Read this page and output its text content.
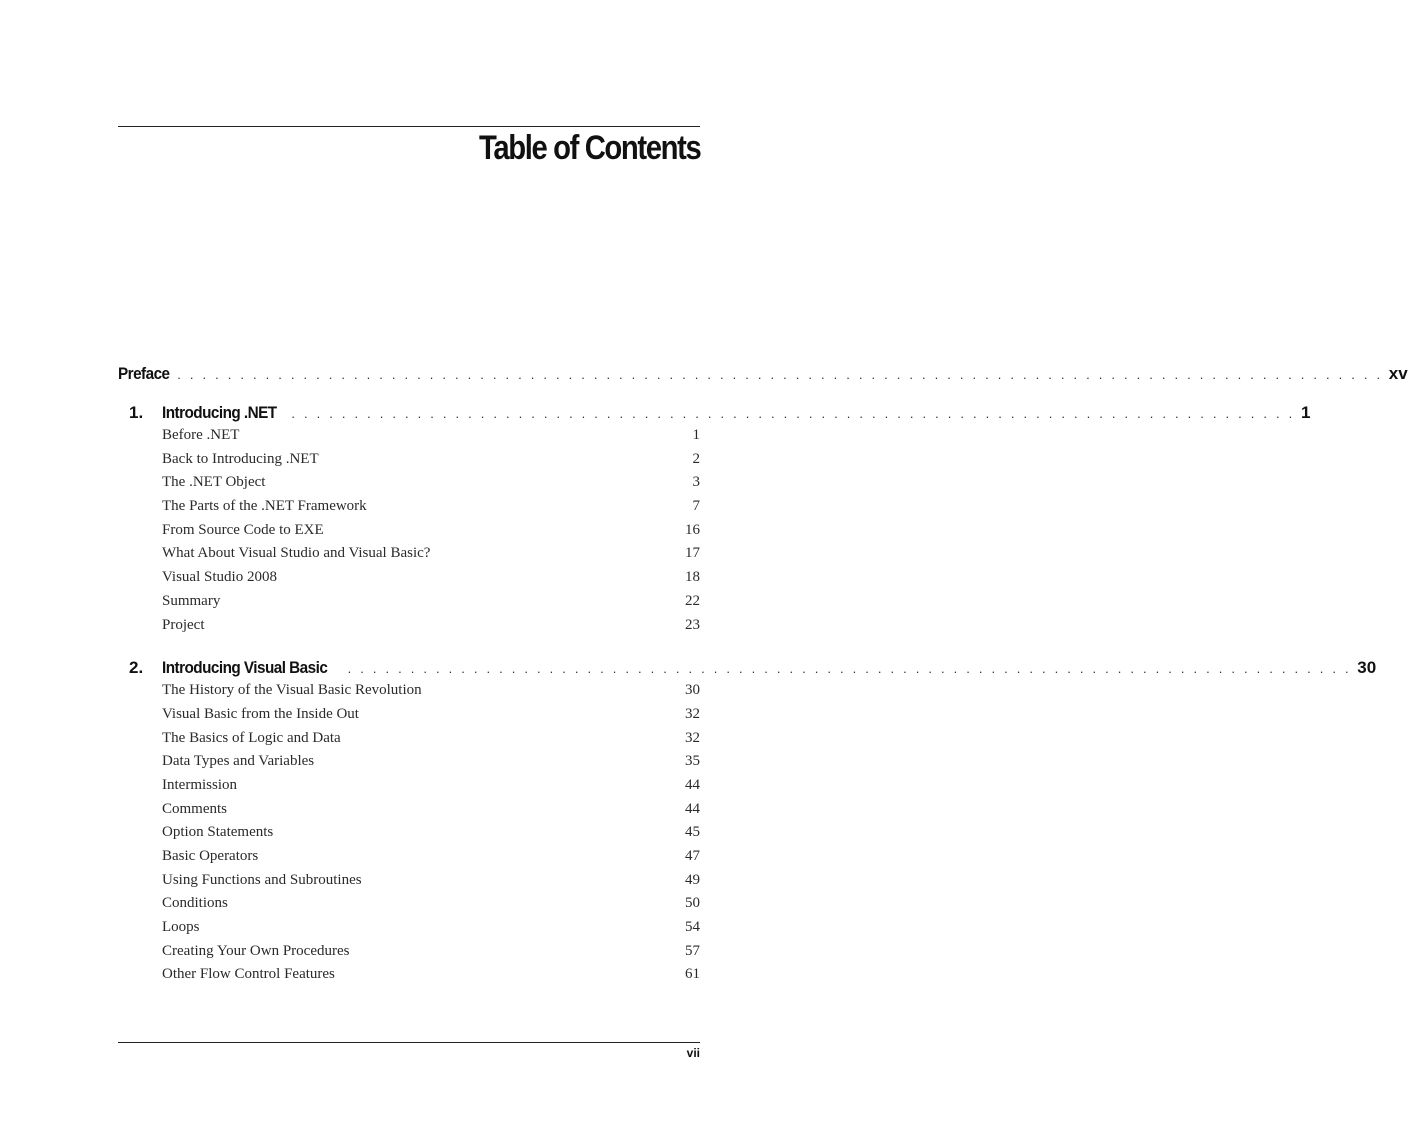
Table of Contents
Preface . . . . . . . . . . . . . . . . . . . . . . . . . . . . . . . . . . . . . . . . . . . . . . . . . . . . . . . . . . . . . . . . . . . . . . . . . . . . . . . . . . . . . . . . . . . . . . . . xv
1.	Introducing .NET . . . . . . . . . . . . . . . . . . . . . . . . . . . . . . . . . . . . . . . . . . . . . . . . . . . . . . . . . . . . . . . . . . . . . . . . . . . . . . . . 1
Before .NET	1
Back to Introducing .NET	2
The .NET Object	3
The Parts of the .NET Framework	7
From Source Code to EXE	16
What About Visual Studio and Visual Basic?	17
Visual Studio 2008	18
Summary	22
Project	23
2.	Introducing Visual Basic . . . . . . . . . . . . . . . . . . . . . . . . . . . . . . . . . . . . . . . . . . . . . . . . . . . . . . . . . . . . . . . . . . . . . . . . . . . . . . . . 30
The History of the Visual Basic Revolution	30
Visual Basic from the Inside Out	32
The Basics of Logic and Data	32
Data Types and Variables	35
Intermission	44
Comments	44
Option Statements	45
Basic Operators	47
Using Functions and Subroutines	49
Conditions	50
Loops	54
Creating Your Own Procedures	57
Other Flow Control Features	61
vii
